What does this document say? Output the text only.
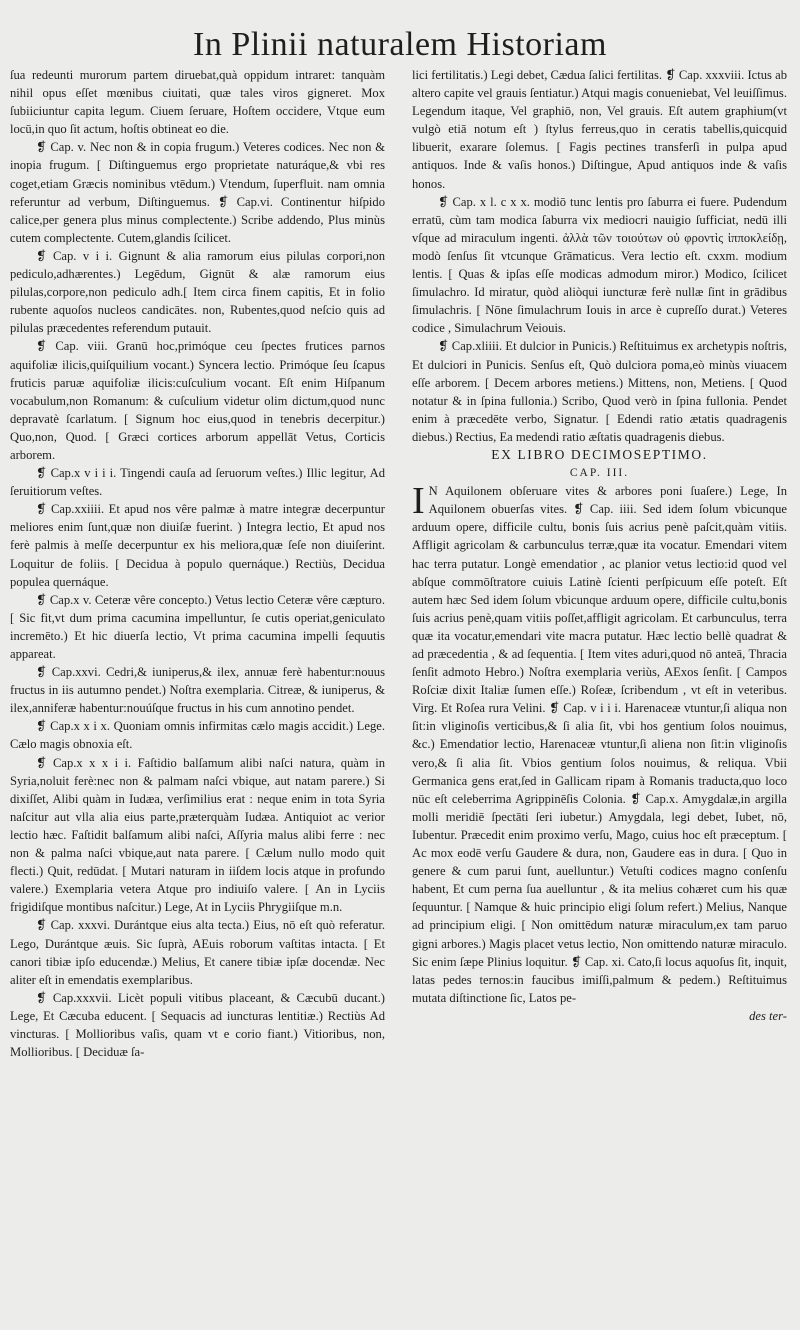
In Plinii naturalem Historiam

ſua redeunti murorum partem diruebat,quà oppidum intraret: tanquàm nihil opus eſſet mœnibus ciuitati, quæ tales viros gigneret. Mox ſubiiciuntur capita legum. Ciuem ſeruare, Hoſtem occidere, Vtque eum locū,in quo ſit actum, hoſtis obtineat eo die.

❡ Cap. v. Nec non & in copia frugum.) Veteres codices. Nec non & inopia frugum. [ Diſtinguemus ergo proprietate naturáque,& vbi res coget,etiam Græcis nominibus vtēdum.) Vtendum, ſuperfluit. nam omnia referuntur ad verbum, Diſtinguemus. ❡ Cap.vi. Continentur hiſpido calice,per genera plus minus complectente.) Scribe addendo, Plus minùs cutem complectente. Cutem,glandis ſcilicet.

❡ Cap. v i i. Gignunt & alia ramorum eius pilulas corpori,non pediculo,adhærentes.) Legēdum, Gignūt & alæ ramorum eius pilulas,corpore,non pediculo adh.[ Item circa finem capitis, Et in folio rubente aquoſos nucleos candicātes. non, Rubentes,quod neſcio quis ad pilulas præcedentes referendum putauit.

❡ Cap. viii. Granū hoc,primóque ceu ſpectes frutices parnos aquifoliæ ilicis,quiſquilium vocant.) Syncera lectio. Primóque ſeu ſcapus fruticis paruæ aquifoliæ ilicis:cuſculium vocant. Eſt enim Hiſpanum vocabulum,non Romanum: & cuſculium videtur olim dictum,quod nunc depravatè ſcarlatum. [ Signum hoc eius,quod in tenebris decerpitur.) Quo,non, Quod. [ Græci cortices arborum appellāt Vetus, Corticis arborem.

❡ Cap.x v i i i. Tingendi cauſa ad ſeruorum veſtes.) Illic legitur, Ad ſeruitiorum veſtes.

❡ Cap.xxiiii. Et apud nos vêre palmæ à matre integræ decerpuntur meliores enim ſunt,quæ non diuiſæ fuerint. ) Integra lectio, Et apud nos ferè palmis à meſſe decerpuntur ex his meliora,quæ ſeſe non diuiſerint. Loquitur de foliis. [ Decidua à populo quernáque.) Rectiùs, Decidua populea quernáque.

❡ Cap.x v. Ceteræ vêre concepto.) Vetus lectio Ceteræ vêre cæpturo. [ Sic fit,vt dum prima cacumina impelluntur, ſe cutis operiat,geniculato incremēto.) Et hic diuerſa lectio, Vt prima cacumina impelli ſequutis appareat.

❡ Cap.xxvi. Cedri,& iuniperus,& ilex, annuæ ferè habentur:nouus fructus in iis autumno pendet.) Noſtra exemplaria. Citreæ, & iuniperus, & ilex,anniferæ habentur:nouúſque fructus in his cum annotino pendet.

❡ Cap.x x i x. Quoniam omnis infirmitas cælo magis accidit.) Lege. Cælo magis obnoxia eſt.

❡ Cap.x x x i i. Faſtidio balſamum alibi naſci natura, quàm in Syria,noluit ferè:nec non & palmam naſci vbique, aut natam parere.) Si dixiſſet, Alibi quàm in Iudæa, verſimilius erat : neque enim in tota Syria naſcitur aut vlla alia eius parte,præterquàm Iudæa. Antiquiot ac verior lectio hæc. Faſtidit balſamum alibi naſci, Aſſyria malus alibi ferre : nec non & palma naſci vbique,aut nata parere. [ Cælum nullo modo quit flecti.) Quit, redūdat. [ Mutari naturam in iiſdem locis atque in profundo valere.) Exemplaria vetera Atque pro indiuiſo valere. [ An in Lyciis frigidiſque montibus naſcitur.) Lege, At in Lyciis Phrygiiſque m.n.

❡ Cap. xxxvi. Durántque eius alta tecta.) Eius, nō eſt quò referatur. Lego, Durántque æuis. Sic ſuprà, AEuis roborum vaſtitas intacta. [ Et canori tibiæ ipſo educendæ.) Melius, Et canere tibiæ ipſæ docendæ. Nec aliter eſt in emendatis exemplaribus.

❡ Cap.xxxvii. Licèt populi vitibus placeant, & Cæcubū ducant.) Lege, Et Cæcuba educent. [ Sequacis ad iuncturas lentitiæ.) Rectiùs Ad vincturas. [ Mollioribus vaſis, quam vt e corio fiant.) Vitioribus, non, Mollioribus. [ Deciduæ ſa-

lici fertilitatis.) Legi debet, Cædua ſalici fertilitas. ❡ Cap. xxxviii. Ictus ab altero capite vel grauis ſentiatur.) Atqui magis conueniebat, Vel leuiſſimus. Legendum itaque, Vel graphiō, non, Vel grauis. Eſt autem graphium(vt vulgò etiā notum eſt ) ſtylus ferreus,quo in ceratis tabellis,quicquid libuerit, exarare ſolemus. [ Fagis pectines transferſi in pulpa apud antiquos. Inde & vaſis honos.) Diſtingue, Apud antiquos inde & vaſis honos.

❡ Cap. x l. c x x. modiō tunc lentis pro ſaburra ei fuere. Pudendum erratū, cùm tam modica ſaburra vix mediocri nauigio ſufficiat, nedū illi vſque ad miraculum ingenti. ἀλλὰ τῶν τοιούτων οὐ φροντὶς ἱπποκλείδῃ, modò ſenſus ſit vtcunque Grāmaticus. Vera lectio eſt. cxxm. modium lentis. [ Quas & ipſas eſſe modicas admodum miror.) Modico, ſcilicet ſimulachro. Id miratur, quòd aliòqui iuncturæ ferè nullæ ſint in grādibus ſimulachris. [ Nōne ſimulachrum Iouis in arce è cupreſſo durat.) Veteres codice , Simulachrum Veiouis.

❡ Cap.xliiii. Et dulcior in Punicis.) Reſtituimus ex archetypis noſtris, Et dulciori in Punicis. Senſus eſt, Quò dulciora poma,eò minùs viuacem eſſe arborem. [ Decem arbores metiens.) Mittens, non, Metiens. [ Quod notatur & in ſpina fullonia.) Scribo, Quod verò in ſpina fullonia. Pendet enim à præcedēte verbo, Signatur. [ Edendi ratio ætatis quadragenis diebus.) Rectius, Ea medendi ratio æſtatis quadragenis diebus.

EX LIBRO DECIMOSEPTIMO.

CAP. III.

I N Aquilonem obſeruare vites & arbores poni ſuaſere.) Lege, In Aquilonem obuerſas vites. ❡ Cap. iiii. Sed idem ſolum vbicunque arduum opere, difficile cultu, bonis ſuis acrius penè paſcit,quàm vitiis. Affligit agricolam & carbunculus terræ,quæ ita vocatur. Emendari vitem hac terra putatur. Longè emendatior , ac planior vetus lectio:id quod vel abſque commōſtratore cuiuis Latinè ſcienti perſpicuum eſſe poteſt. Eſt autem hæc Sed idem ſolum vbicunque arduum opere, difficile cultu,bonis ſuis acrius penè,quam vitiis poſſet,affligit agricolam. Et carbunculus, terra quæ ita vocatur,emendari vite macra putatur. Hæc lectio bellè quadrat & ad præcedentia , & ad ſequentia. [ Item vites aduri,quod nō anteā, Thracia ſenſit admoto Hebro.) Noſtra exemplaria veriùs, AExos ſenſit. [ Campos Roſciæ dixit Italiæ ſumen eſſe.) Roſeæ, ſcribendum , vt eſt in veteribus. Virg. Et Roſea rura Velini. ❡ Cap. v i i i. Harenaceæ vtuntur,ſi aliqua non ſit:in vliginoſis verticibus,& ſi alia ſit, vbi hos gentium ſolos nouimus, &c.) Emendatior lectio, Harenaceæ vtuntur,ſi aliena non ſit:in vliginoſis vero,& ſi alia ſit. Vbios gentium ſolos nouimus, & reliqua. Vbii Germanica gens erat,ſed in Gallicam ripam à Romanis traducta,quo loco nūc eſt celeberrima Agrippinēſis Colonia. ❡ Cap.x. Amygdalæ,in argilla molli meridiē ſpectāti ſeri iubetur.) Amygdala, legi debet, Iubet, nō, Iubentur. Præcedit enim proximo verſu, Mago, cuius hoc eſt præceptum. [ Ac mox eodē verſu Gaudere & dura, non, Gaudere eas in dura. [ Quo in genere & cum parui ſunt, auelluntur.) Vetuſti codices magno conſenſu habent, Et cum perna ſua auelluntur , & ita melius cohæret cum his quæ ſequuntur. [ Namque & huic principio eligi ſolum refert.) Melius, Nanque ad principium eligi. [ Non omittēdum naturæ miraculum,ex tam paruo gigni arbores.) Magis placet vetus lectio, Non omittendo naturæ miraculo. Sic enim ſæpe Plinius loquitur. ❡ Cap. xi. Cato,ſi locus aquoſus ſit, inquit, latas pedes ternos:in faucibus imiſſi,palmum & pedem.) Reſtituimus mutata diſtinctione ſic, Latos pe-

des ter-
